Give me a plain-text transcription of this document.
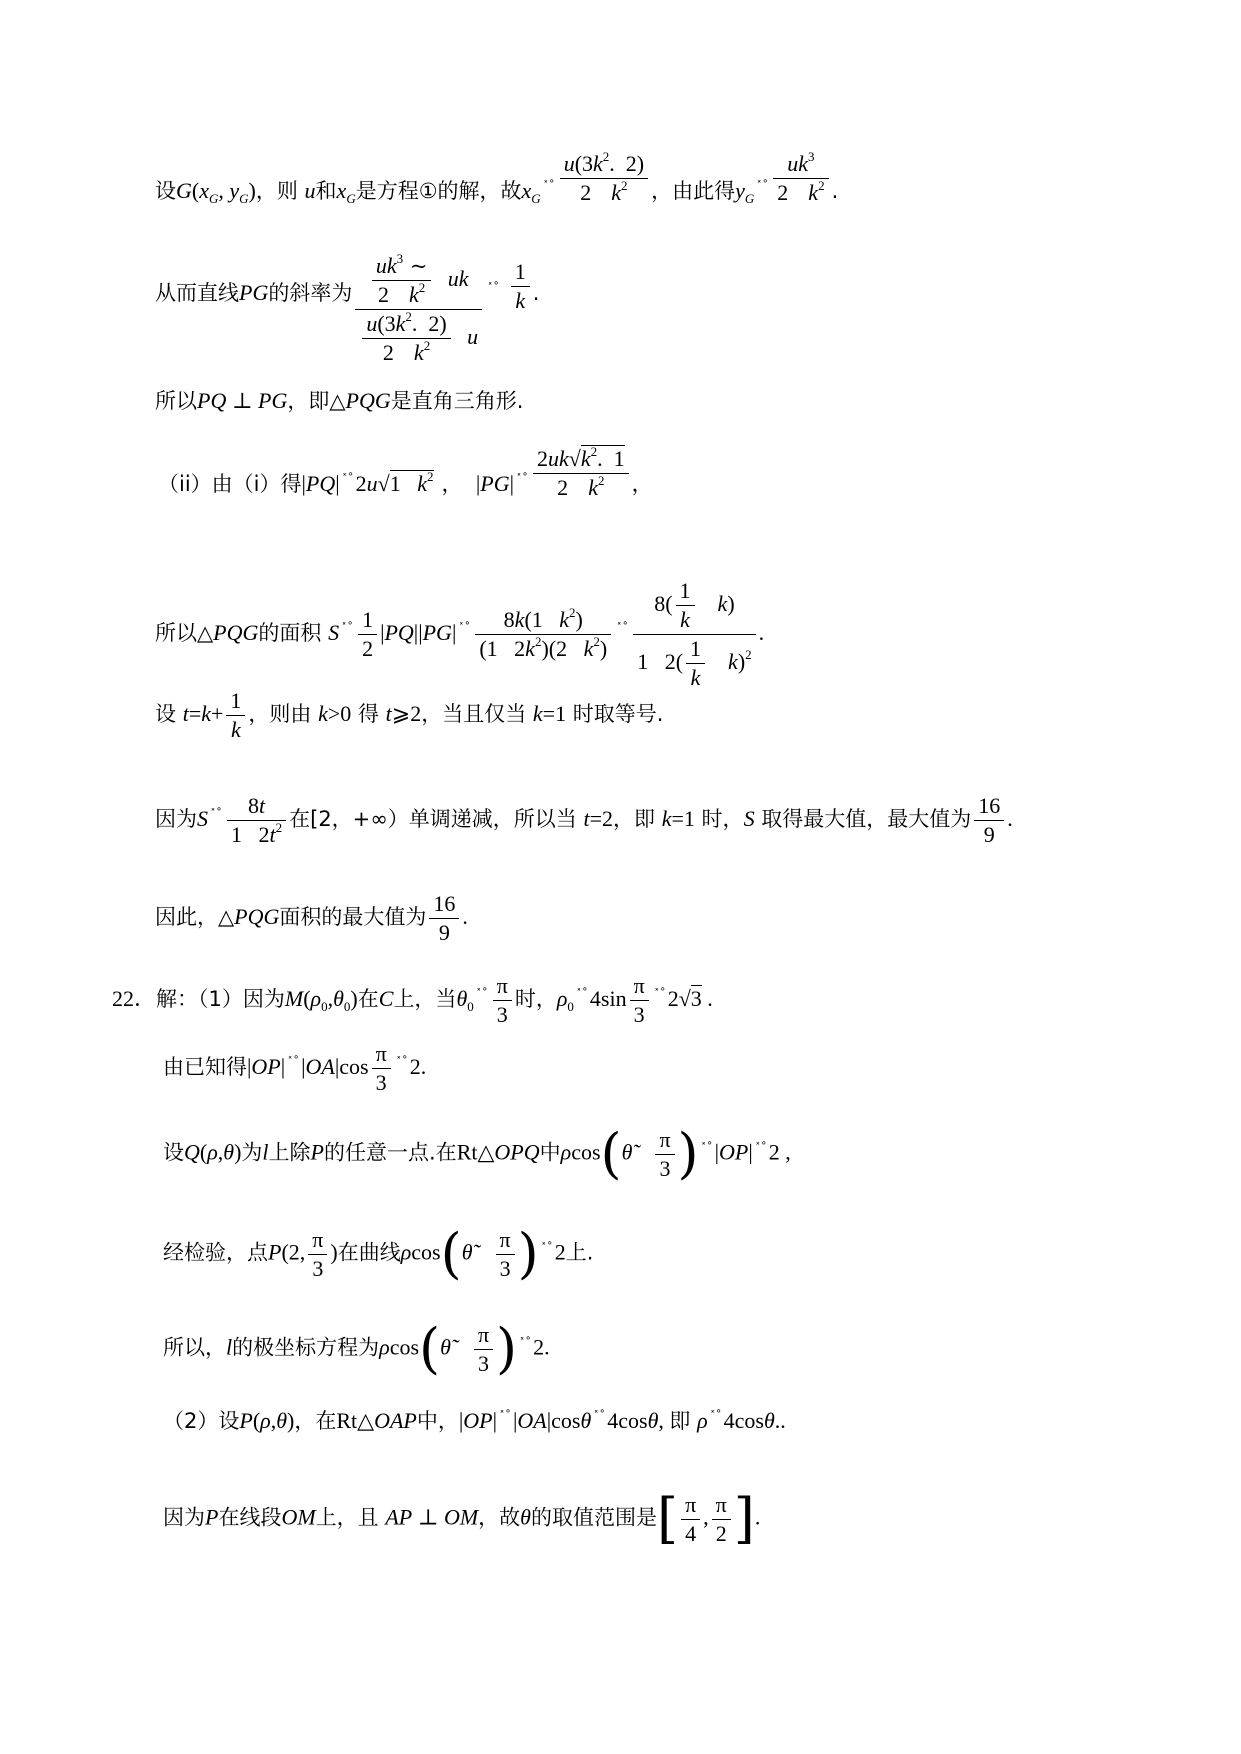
设$G(x_G$, $y_G$)，则 u和$x_G$是方程①的解，故$x_G^{˟˚} \frac{u(3k^2. 2)}{2 k^2}$ ，由此得$y_G^{˟˚} \frac{uk^3}{2 k^2}$ .
从而直线PG的斜率为 $\frac{\frac{uk^3 \sim}{2 k^2} uk}{\frac{u(3k^2. 2)}{2 k^2} u} ^{˟˚} \frac{1}{k}$ .
所以PQ ⊥ PG，即△PQG是直角三角形.
（ii）由（i）得|PQ| ˟˚2u√1   $k^2$ ， |PG| $^{˟˚} \frac{2uk√k^2. 1}{2 k^2}$ ，
所以△PQG的面积 S $^{˟˚} \frac{1}{2} |PQ||PG|$ $^{˟˚} \frac{8k(1 k^2)}{(1 2k^2)(2 k^2)} ^{˟˚} \frac{8( \frac{1}{k} k)}{1 2( \frac{1}{k} k)^2}$ .
设 $t=k+ \frac{1}{k}$ ，则由 k>0 得 t⩾2，当且仅当 k=1 时取等号.
因为S $^{˟˚} \frac{8t}{1 2t^2}$ 在[2，+∞）单调递减，所以当 t=2，即 k=1 时，S 取得最大值，最大值为 $\frac{16}{9}$ .
因此，△PQG面积的最大值为 $\frac{16}{9}$ .
22．解：（1）因为$M(\rho_0,\theta_0)$在C上，当$\theta_0^{˟˚} \frac{\pi}{3}$ 时，$\rho_0^{˟˚}4\sin \frac{\pi}{3} ^{˟˚}2√3$ .
由已知得|OP| $^{˟˚}|OA|\cos \frac{\pi}{3} ^{˟˚}2$.
设Q(ρ,θ)为l上除P的任意一点.在Rt△OPQ中ρcos(θ̃ $\frac{\pi}{3}$ ) ˟˚|OP| ˟˚2 ,
经检验，点P(2, $\frac{\pi}{3}$ )在曲线ρcos(θ̃ $\frac{\pi}{3}$ ) ˟˚2上.
所以，l的极坐标方程为ρcos(θ̃ $\frac{\pi}{3}$ ) ˟˚2.
（2）设P(ρ,θ)，在Rt△OAP中，|OP| ˟˚|OA|cosθ ˟˚4cosθ, 即 ρ ˟˚4cosθ..
因为P在线段OM上，且 AP ⊥ OM，故θ的取值范围是[ $\frac{\pi}{4}$ , $\frac{\pi}{2}$ ].
